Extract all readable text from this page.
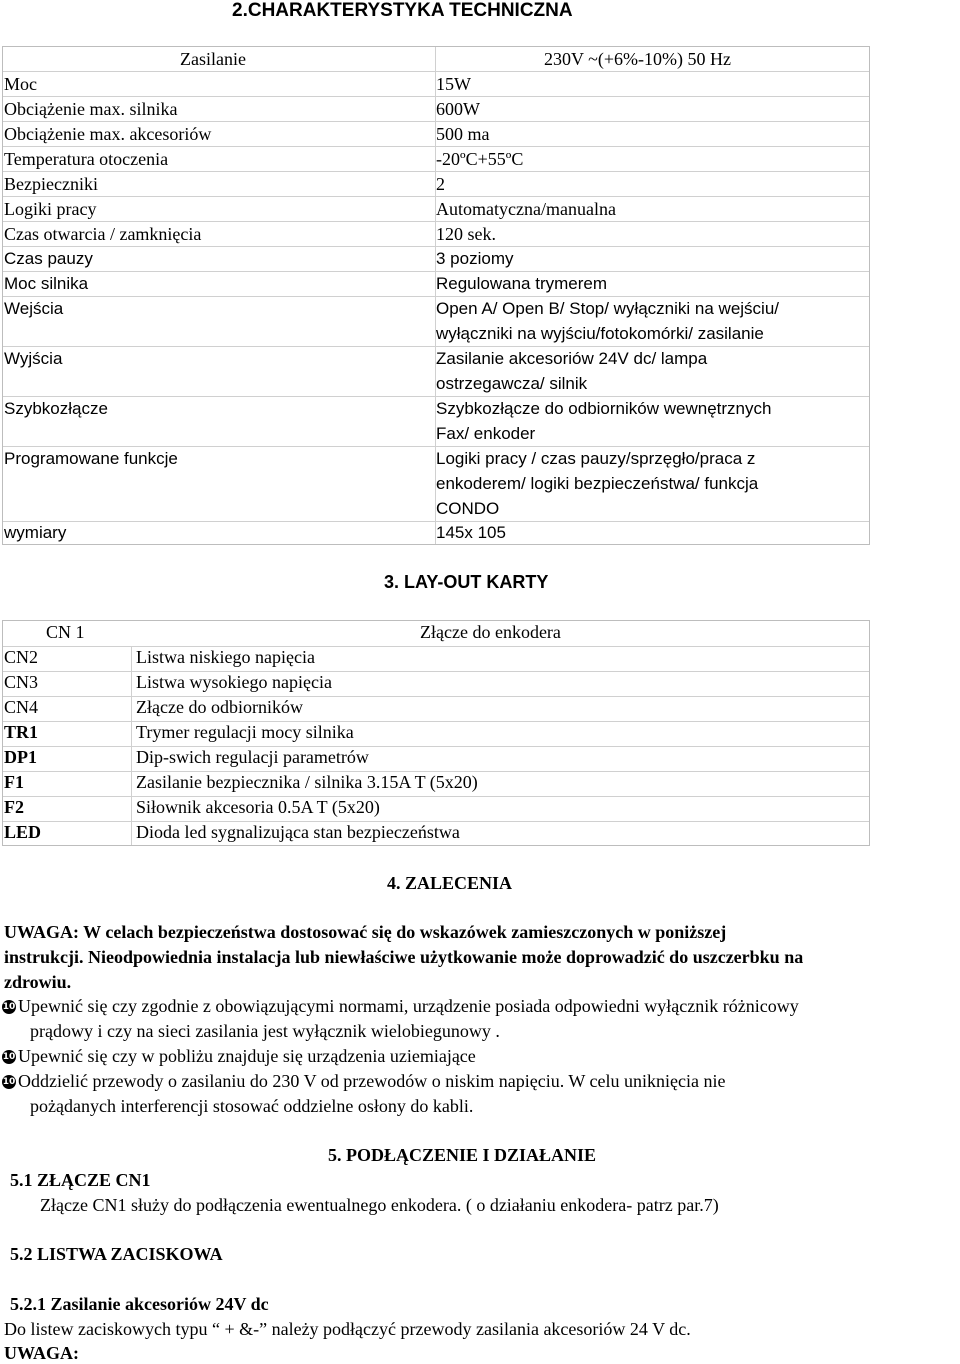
2.CHARAKTERYSTYKA TECHNICZNA
Zasilanie	230V ~(+6%-10%) 50 Hz
Moc	15W
Obciążenie max. silnika	600W
Obciążenie max. akcesoriów	500 ma
Temperatura otoczenia	-20ºC+55ºC
Bezpieczniki	2
Logiki pracy	Automatyczna/manualna
Czas otwarcia / zamknięcia	120 sek.
Czas pauzy	3 poziomy
Moc silnika	Regulowana trymerem
Wejścia	Open A/ Open B/ Stop/ wyłączniki na wejściu/
wyłączniki na wyjściu/fotokomórki/ zasilanie
Wyjścia	Zasilanie akcesoriów 24V dc/ lampa
ostrzegawcza/ silnik
Szybkozłącze	Szybkozłącze do odbiorników wewnętrznych
Fax/ enkoder
Programowane funkcje	Logiki pracy / czas pauzy/sprzęgło/praca z
enkoderem/ logiki bezpieczeństwa/ funkcja
CONDO
wymiary	145x 105
3. LAY-OUT KARTY
CN 1	Złącze do enkodera
CN2	Listwa niskiego napięcia
CN3	Listwa wysokiego napięcia
CN4	Złącze do odbiorników
TR1	Trymer regulacji mocy silnika
DP1	Dip-swich regulacji parametrów
F1	Zasilanie bezpiecznika / silnika 3.15A T (5x20)
F2	Siłownik akcesoria 0.5A T (5x20)
LED	Dioda led sygnalizująca stan bezpieczeństwa
4. ZALECENIA
UWAGA: W celach bezpieczeństwa dostosować się do wskazówek zamieszczonych w poniższej
instrukcji. Nieodpowiednia instalacja lub niewłaściwe użytkowanie może doprowadzić do uszczerbku na
zdrowiu.
10 Upewnić się czy zgodnie z obowiązującymi normami, urządzenie posiada odpowiedni wyłącznik różnicowy
prądowy i czy na sieci zasilania jest wyłącznik wielobiegunowy .
10 Upewnić się czy w pobliżu znajduje się urządzenia uziemiające
10 Oddzielić przewody o zasilaniu do 230 V od przewodów o niskim napięciu. W celu uniknięcia nie
pożądanych interferencji stosować oddzielne osłony do kabli.
5. PODŁĄCZENIE I DZIAŁANIE
5.1 ZŁĄCZE CN1
Złącze CN1 służy do podłączenia ewentualnego enkodera. ( o działaniu enkodera- patrz par.7)
5.2 LISTWA ZACISKOWA
5.2.1 Zasilanie akcesoriów 24V dc
Do listew zaciskowych typu “ + &-” należy podłączyć przewody zasilania akcesoriów 24 V dc.
UWAGA:
